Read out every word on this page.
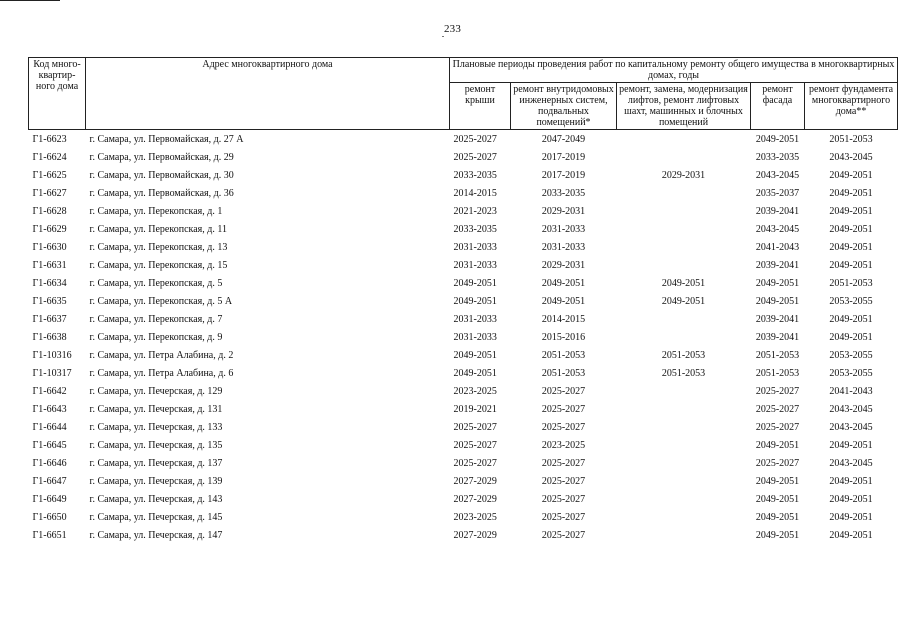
233
Код много-квартир-ного дома	Адрес многоквартирного дома	Плановые периоды проведения работ по капитальному ремонту общего имущества в многоквартирных домах, годы				
		ремонт крыши	ремонт внутридомовых инженерных систем, подвальных помещений*	ремонт, замена, модернизация лифтов, ремонт лифтовых шахт, машинных и блочных помещений	ремонт фасада	ремонт фундамента многоквартирного дома**
Г1-6623	г. Самара, ул. Первомайская, д. 27 А	2025-2027	2047-2049		2049-2051	2051-2053
Г1-6624	г. Самара, ул. Первомайская, д. 29	2025-2027	2017-2019		2033-2035	2043-2045
Г1-6625	г. Самара, ул. Первомайская, д. 30	2033-2035	2017-2019	2029-2031	2043-2045	2049-2051
Г1-6627	г. Самара, ул. Первомайская, д. 36	2014-2015	2033-2035		2035-2037	2049-2051
Г1-6628	г. Самара, ул. Перекопская, д. 1	2021-2023	2029-2031		2039-2041	2049-2051
Г1-6629	г. Самара, ул. Перекопская, д. 11	2033-2035	2031-2033		2043-2045	2049-2051
Г1-6630	г. Самара, ул. Перекопская, д. 13	2031-2033	2031-2033		2041-2043	2049-2051
Г1-6631	г. Самара, ул. Перекопская, д. 15	2031-2033	2029-2031		2039-2041	2049-2051
Г1-6634	г. Самара, ул. Перекопская, д. 5	2049-2051	2049-2051	2049-2051	2049-2051	2051-2053
Г1-6635	г. Самара, ул. Перекопская, д. 5 А	2049-2051	2049-2051	2049-2051	2049-2051	2053-2055
Г1-6637	г. Самара, ул. Перекопская, д. 7	2031-2033	2014-2015		2039-2041	2049-2051
Г1-6638	г. Самара, ул. Перекопская, д. 9	2031-2033	2015-2016		2039-2041	2049-2051
Г1-10316	г. Самара, ул. Петра Алабина, д. 2	2049-2051	2051-2053	2051-2053	2051-2053	2053-2055
Г1-10317	г. Самара, ул. Петра Алабина, д. 6	2049-2051	2051-2053	2051-2053	2051-2053	2053-2055
Г1-6642	г. Самара, ул. Печерская, д. 129	2023-2025	2025-2027		2025-2027	2041-2043
Г1-6643	г. Самара, ул. Печерская, д. 131	2019-2021	2025-2027		2025-2027	2043-2045
Г1-6644	г. Самара, ул. Печерская, д. 133	2025-2027	2025-2027		2025-2027	2043-2045
Г1-6645	г. Самара, ул. Печерская, д. 135	2025-2027	2023-2025		2049-2051	2049-2051
Г1-6646	г. Самара, ул. Печерская, д. 137	2025-2027	2025-2027		2025-2027	2043-2045
Г1-6647	г. Самара, ул. Печерская, д. 139	2027-2029	2025-2027		2049-2051	2049-2051
Г1-6649	г. Самара, ул. Печерская, д. 143	2027-2029	2025-2027		2049-2051	2049-2051
Г1-6650	г. Самара, ул. Печерская, д. 145	2023-2025	2025-2027		2049-2051	2049-2051
Г1-6651	г. Самара, ул. Печерская, д. 147	2027-2029	2025-2027		2049-2051	2049-2051
